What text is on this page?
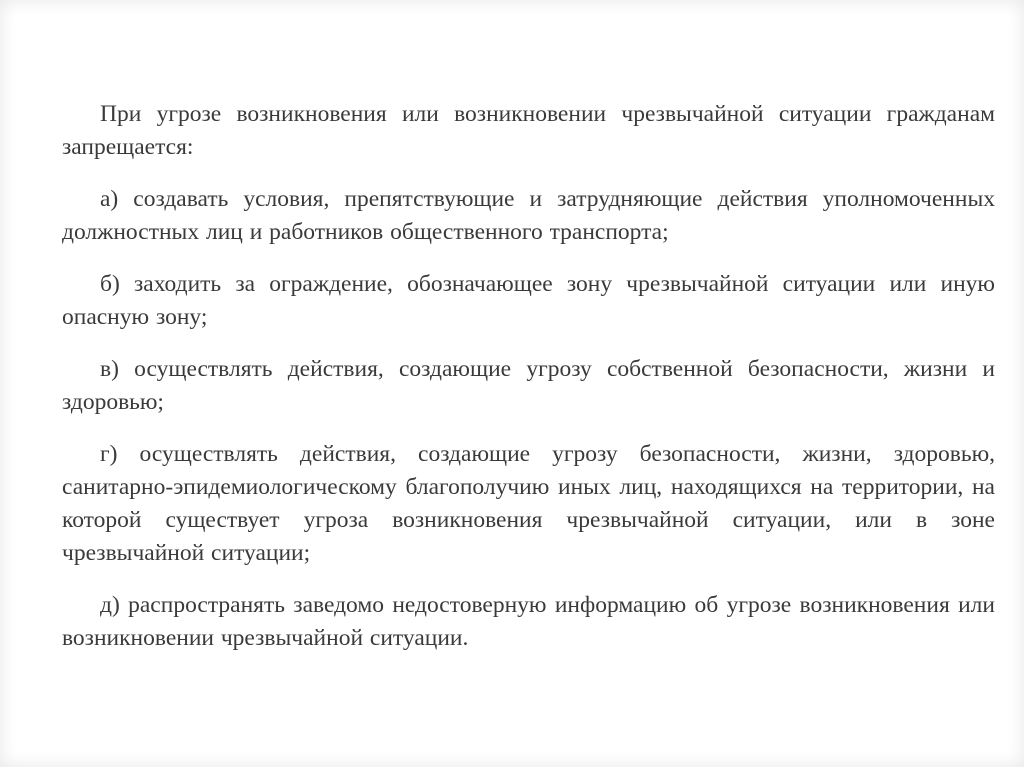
При угрозе возникновения или возникновении чрезвычайной ситуации гражданам запрещается:

а) создавать условия, препятствующие и затрудняющие действия уполномоченных должностных лиц и работников общественного транспорта;

б) заходить за ограждение, обозначающее зону чрезвычайной ситуации или иную опасную зону;

в) осуществлять действия, создающие угрозу собственной безопасности, жизни и здоровью;

г) осуществлять действия, создающие угрозу безопасности, жизни, здоровью, санитарно-эпидемиологическому благополучию иных лиц, находящихся на территории, на которой существует угроза возникновения чрезвычайной ситуации, или в зоне чрезвычайной ситуации;

д) распространять заведомо недостоверную информацию об угрозе возникновения или возникновении чрезвычайной ситуации.
